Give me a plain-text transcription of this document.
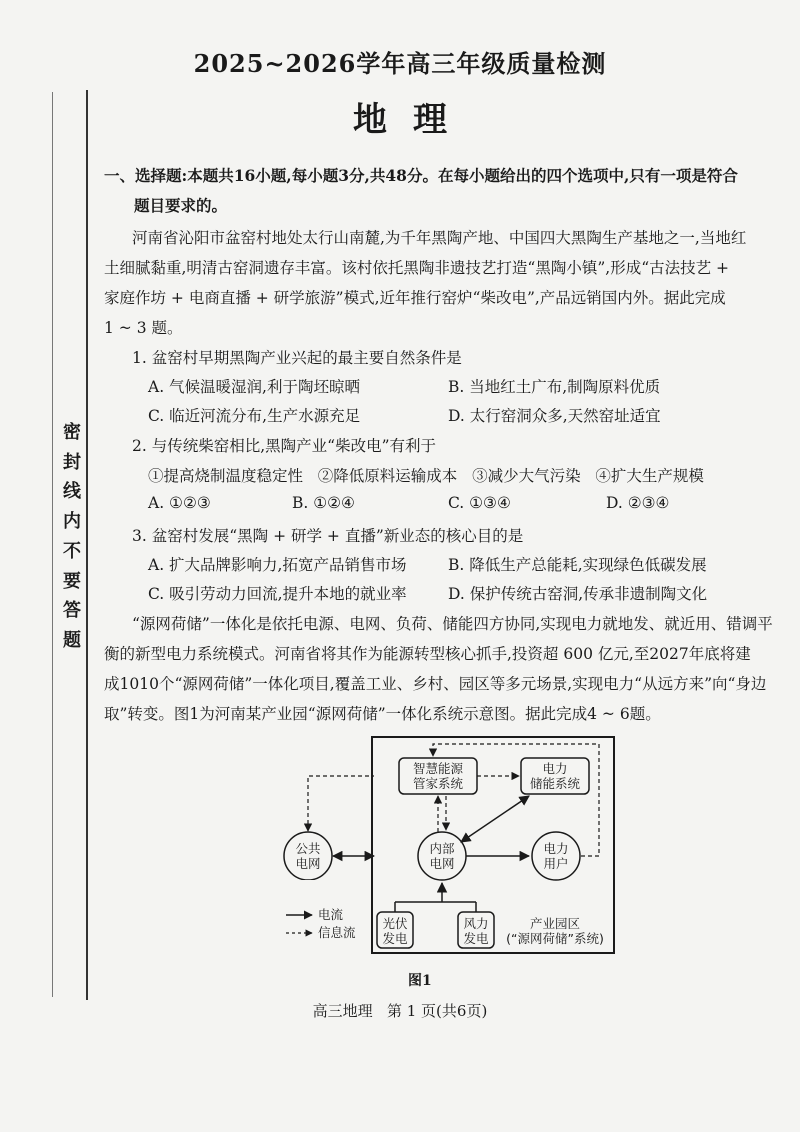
2025~2026学年高三年级质量检测
地理
密封线内不要答题
一、选择题:本题共16小题,每小题3分,共48分。在每小题给出的四个选项中,只有一项是符合
题目要求的。
河南省沁阳市盆窑村地处太行山南麓,为千年黑陶产地、中国四大黑陶生产基地之一,当地红
土细腻黏重,明清古窑洞遗存丰富。该村依托黑陶非遗技艺打造“黑陶小镇”,形成“古法技艺 +
家庭作坊 + 电商直播 + 研学旅游”模式,近年推行窑炉“柴改电”,产品远销国内外。据此完成
1 ~ 3 题。
1. 盆窑村早期黑陶产业兴起的最主要自然条件是
A. 气候温暖湿润,利于陶坯晾晒	B. 当地红土广布,制陶原料优质
C. 临近河流分布,生产水源充足	D. 太行窑洞众多,天然窑址适宜
2. 与传统柴窑相比,黑陶产业“柴改电”有利于
①提高烧制温度稳定性   ②降低原料运输成本   ③减少大气污染   ④扩大生产规模
A. ①②③	B. ①②④	C. ①③④	D. ②③④
3. 盆窑村发展“黑陶 + 研学 + 直播”新业态的核心目的是
A. 扩大品牌影响力,拓宽产品销售市场	B. 降低生产总能耗,实现绿色低碳发展
C. 吸引劳动力回流,提升本地的就业率	D. 保护传统古窑洞,传承非遗制陶文化
“源网荷储”一体化是依托电源、电网、负荷、储能四方协同,实现电力就地发、就近用、错调平
衡的新型电力系统模式。河南省将其作为能源转型核心抓手,投资超 600 亿元,至2027年底将建
成1010个“源网荷储”一体化项目,覆盖工业、乡村、园区等多元场景,实现电力“从远方来”向“身边
取”转变。图1为河南某产业园“源网荷储”一体化系统示意图。据此完成4 ~ 6题。
智慧能源
管家系统
电力
储能系统
内部
电网
电力
用户
光伏
发电
风力
发电
产业园区
(“源网荷储”系统)
公共
电网
电流
信息流
图1
高三地理   第 1 页(共6页)
